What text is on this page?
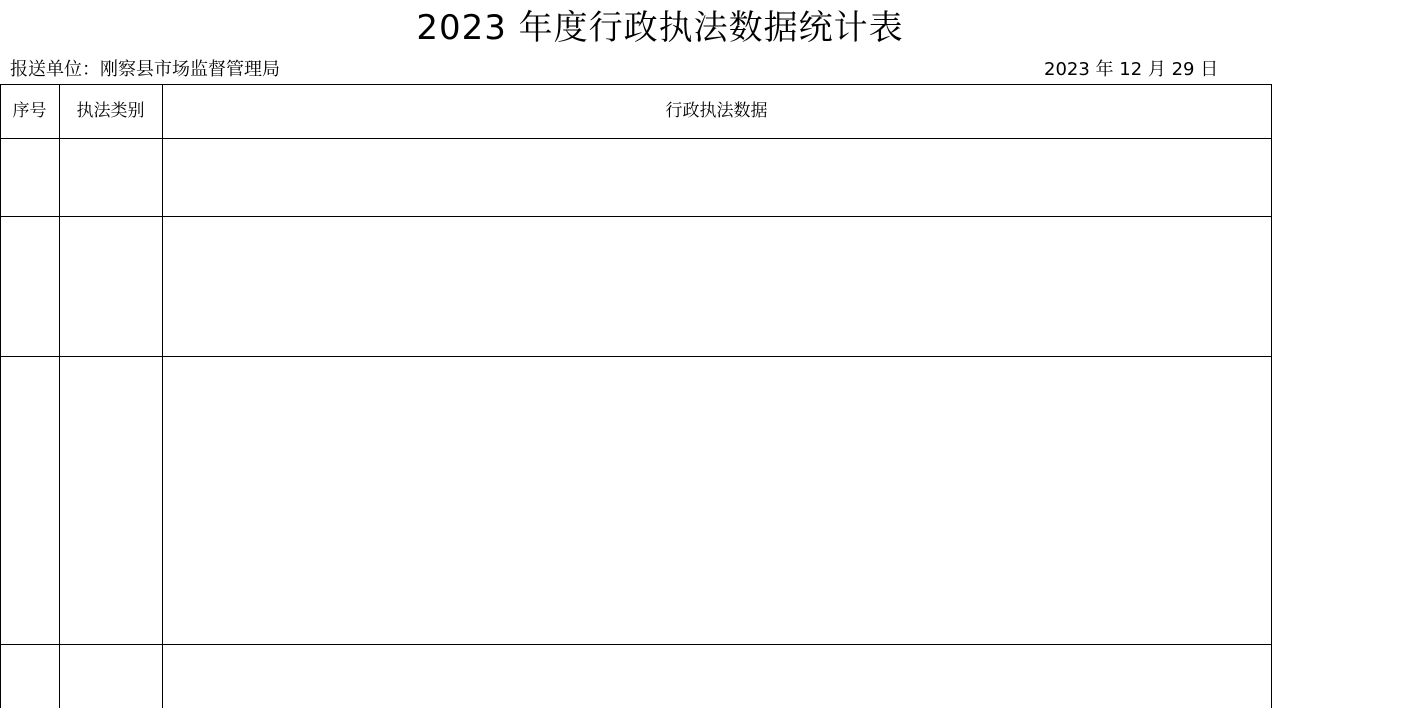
2023 年度行政执法数据统计表
报送单位：刚察县市场监督管理局	2023 年 12 月 29 日
序号 执法类别	行政执法数据
